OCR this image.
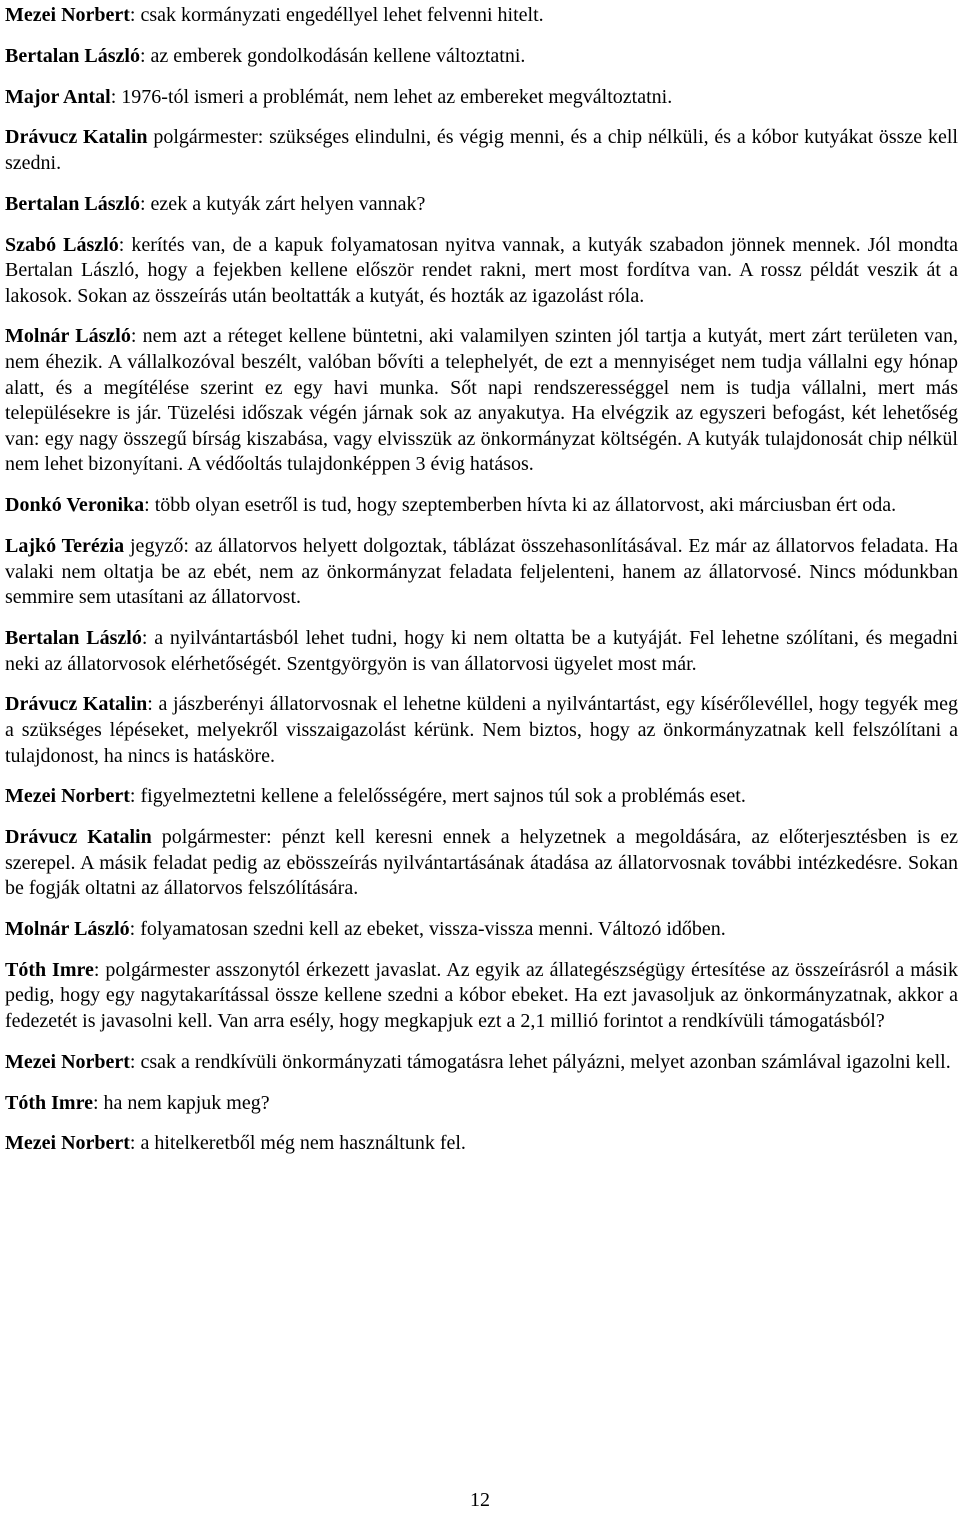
Mezei Norbert: csak kormányzati engedéllyel lehet felvenni hitelt.

Bertalan László: az emberek gondolkodásán kellene változtatni.

Major Antal: 1976-tól ismeri a problémát, nem lehet az embereket megváltoztatni.

Drávucz Katalin polgármester: szükséges elindulni, és végig menni, és a chip nélküli, és a kóbor kutyákat össze kell szedni.

Bertalan László: ezek a kutyák zárt helyen vannak?

Szabó László: kerítés van, de a kapuk folyamatosan nyitva vannak, a kutyák szabadon jönnek mennek. Jól mondta Bertalan László, hogy a fejekben kellene először rendet rakni, mert most fordítva van. A rossz példát veszik át a lakosok. Sokan az összeírás után beoltatták a kutyát, és hozták az igazolást róla.

Molnár László: nem azt a réteget kellene büntetni, aki valamilyen szinten jól tartja a kutyát, mert zárt területen van, nem éhezik. A vállalkozóval beszélt, valóban bővíti a telephelyét, de ezt a mennyiséget nem tudja vállalni egy hónap alatt, és a megítélése szerint ez egy havi munka. Sőt napi rendszerességgel nem is tudja vállalni, mert más településekre is jár. Tüzelési időszak végén járnak sok az anyakutya. Ha elvégzik az egyszeri befogást, két lehetőség van: egy nagy összegű bírság kiszabása, vagy elvisszük az önkormányzat költségén. A kutyák tulajdonosát chip nélkül nem lehet bizonyítani. A védőoltás tulajdonképpen 3 évig hatásos.

Donkó Veronika: több olyan esetről is tud, hogy szeptemberben hívta ki az állatorvost, aki márciusban ért oda.

Lajkó Terézia jegyző: az állatorvos helyett dolgoztak, táblázat összehasonlításával. Ez már az állatorvos feladata. Ha valaki nem oltatja be az ebét, nem az önkormányzat feladata feljelenteni, hanem az állatorvosé. Nincs módunkban semmire sem utasítani az állatorvost.

Bertalan László: a nyilvántartásból lehet tudni, hogy ki nem oltatta be a kutyáját. Fel lehetne szólítani, és megadni neki az állatorvosok elérhetőségét. Szentgyörgyön is van állatorvosi ügyelet most már.

Drávucz Katalin: a jászberényi állatorvosnak el lehetne küldeni a nyilvántartást, egy kísérőlevéllel, hogy tegyék meg a szükséges lépéseket, melyekről visszaigazolást kérünk. Nem biztos, hogy az önkormányzatnak kell felszólítani a tulajdonost, ha nincs is hatásköre.

Mezei Norbert: figyelmeztetni kellene a felelősségére, mert sajnos túl sok a problémás eset.

Drávucz Katalin polgármester: pénzt kell keresni ennek a helyzetnek a megoldására, az előterjesztésben is ez szerepel. A másik feladat pedig az ebösszeírás nyilvántartásának átadása az állatorvosnak további intézkedésre. Sokan be fogják oltatni az állatorvos felszólítására.

Molnár László: folyamatosan szedni kell az ebeket, vissza-vissza menni. Változó időben.

Tóth Imre: polgármester asszonytól érkezett javaslat. Az egyik az állategészségügy értesítése az összeírásról a másik pedig, hogy egy nagytakarítással össze kellene szedni a kóbor ebeket. Ha ezt javasoljuk az önkormányzatnak, akkor a fedezetét is javasolni kell. Van arra esély, hogy megkapjuk ezt a 2,1 millió forintot a rendkívüli támogatásból?

Mezei Norbert: csak a rendkívüli önkormányzati támogatásra lehet pályázni, melyet azonban számlával igazolni kell.

Tóth Imre: ha nem kapjuk meg?

Mezei Norbert: a hitelkeretből még nem használtunk fel.

12
